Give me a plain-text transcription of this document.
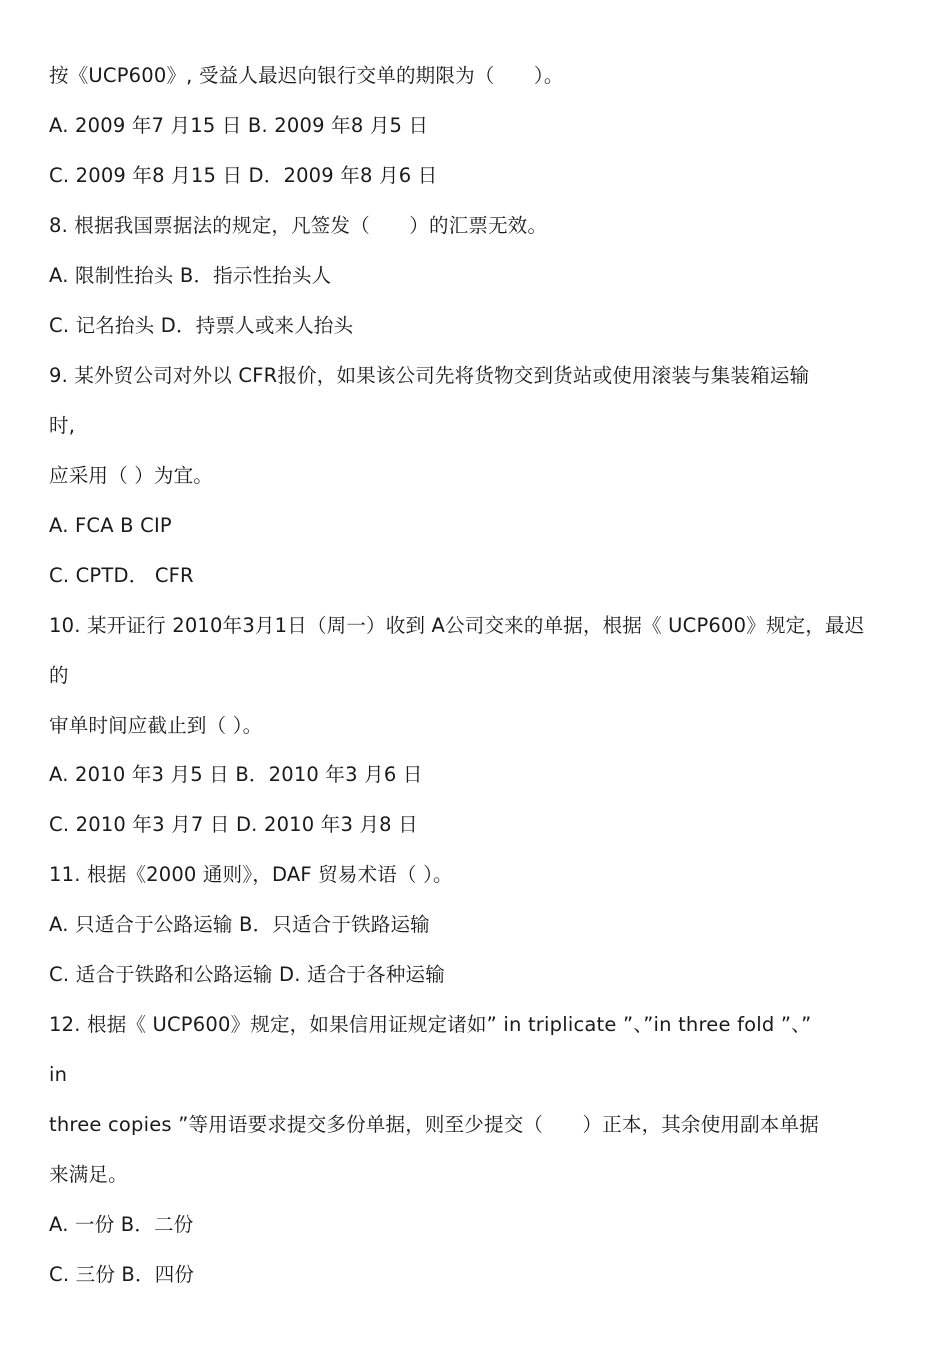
按《UCP600》, 受益人最迟向银行交单的期限为（　　）。
A. 2009 年7 月15 日 B. 2009 年8 月5 日
C. 2009 年8 月15 日 D．2009 年8 月6 日
8. 根据我国票据法的规定，凡签发（　　）的汇票无效。
A. 限制性抬头 B．指示性抬头人
C. 记名抬头 D．持票人或来人抬头
9. 某外贸公司对外以 CFR报价，如果该公司先将货物交到货站或使用滚装与集装箱运输
时,
应采用（ ）为宜。
A. FCA B CIP
C. CPTD． CFR
10. 某开证行 2010年3月1日（周一）收到 A公司交来的单据，根据《 UCP600》规定，最迟
的
审单时间应截止到（ ）。
A. 2010 年3 月5 日 B．2010 年3 月6 日
C. 2010 年3 月7 日 D. 2010 年3 月8 日
11. 根据《2000 通则》，DAF 贸易术语（ ）。
A. 只适合于公路运输 B．只适合于铁路运输
C. 适合于铁路和公路运输 D. 适合于各种运输
12. 根据《 UCP600》规定，如果信用证规定诸如” in triplicate ”、”in three fold ”、”
in
three copies ”等用语要求提交多份单据，则至少提交（　　）正本，其余使用副本单据
来满足。
A. 一份 B．二份
C. 三份 B．四份
